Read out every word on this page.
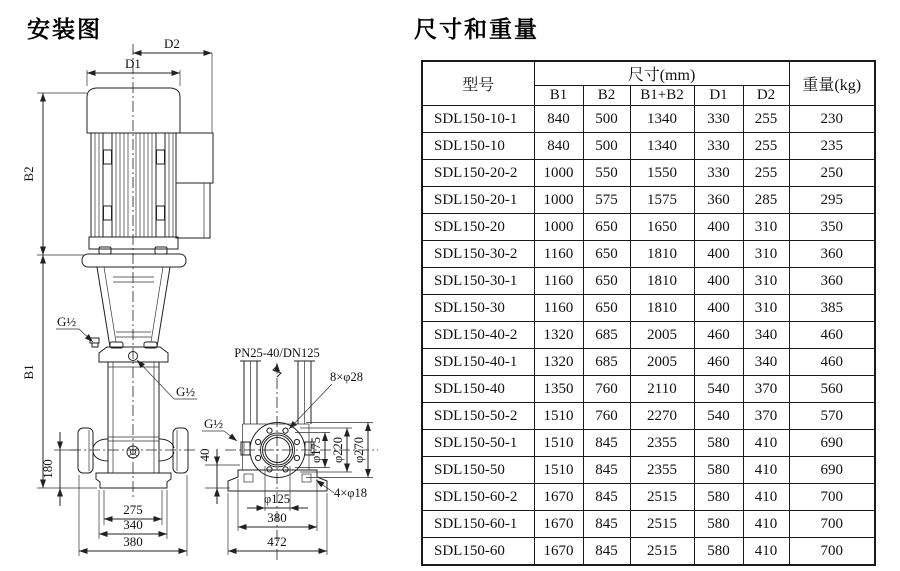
安装图	尺寸和重量
D1
D2
B2
B1
180
275
340
380
G½
G½
PN25-40/DN125
8×φ28
4×φ18
G½
40	φ175 φ220 φ270
φ125
380
472
型号	尺寸(mm)					重量(kg)
	B1	B2	B1+B2	D1	D2	
SDL150-10-1	840	500	1340	330	255	230
SDL150-10	840	500	1340	330	255	235
SDL150-20-2	1000	550	1550	330	255	250
SDL150-20-1	1000	575	1575	360	285	295
SDL150-20	1000	650	1650	400	310	350
SDL150-30-2	1160	650	1810	400	310	360
SDL150-30-1	1160	650	1810	400	310	360
SDL150-30	1160	650	1810	400	310	385
SDL150-40-2	1320	685	2005	460	340	460
SDL150-40-1	1320	685	2005	460	340	460
SDL150-40	1350	760	2110	540	370	560
SDL150-50-2	1510	760	2270	540	370	570
SDL150-50-1	1510	845	2355	580	410	690
SDL150-50	1510	845	2355	580	410	690
SDL150-60-2	1670	845	2515	580	410	700
SDL150-60-1	1670	845	2515	580	410	700
SDL150-60	1670	845	2515	580	410	700
